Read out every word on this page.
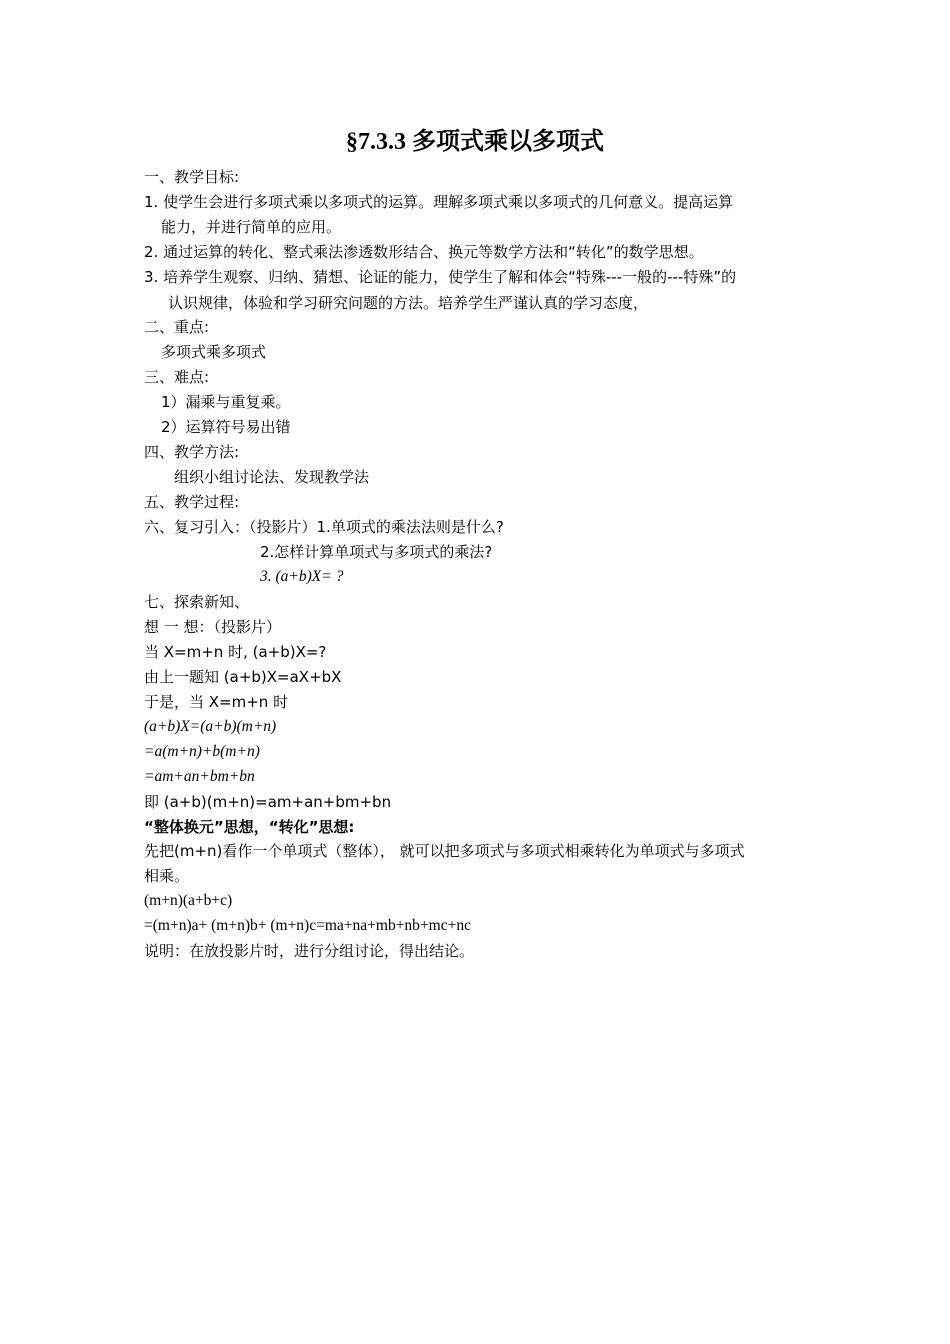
§7.3.3 多项式乘以多项式
一、教学目标:
1. 使学生会进行多项式乘以多项式的运算。理解多项式乘以多项式的几何意义。提高运算
能力，并进行简单的应用。
2. 通过运算的转化、整式乘法渗透数形结合、换元等数学方法和“转化”的数学思想。
3. 培养学生观察、归纳、猜想、论证的能力，使学生了解和体会“特殊---一般的---特殊”的
认识规律，体验和学习研究问题的方法。培养学生严谨认真的学习态度，
二、重点:
多项式乘多项式
三、难点:
1）漏乘与重复乘。
2）运算符号易出错
四、教学方法:
组织小组讨论法、发现教学法
五、教学过程:
六、复习引入：（投影片）1.单项式的乘法法则是什么?
2.怎样计算单项式与多项式的乘法?
3. (a+b)X= ?
七、探索新知、
想 一 想：（投影片）
当 X=m+n 时, (a+b)X=?
由上一题知 (a+b)X=aX+bX
于是，当 X=m+n 时
(a+b)X=(a+b)(m+n)
=a(m+n)+b(m+n)
=am+an+bm+bn
即 (a+b)(m+n)=am+an+bm+bn
“整体换元”思想，“转化”思想:
先把(m+n)看作一个单项式（整体）， 就可以把多项式与多项式相乘转化为单项式与多项式
相乘。
(m+n)(a+b+c)
=(m+n)a+ (m+n)b+ (m+n)c=ma+na+mb+nb+mc+nc
说明：在放投影片时，进行分组讨论，得出结论。
